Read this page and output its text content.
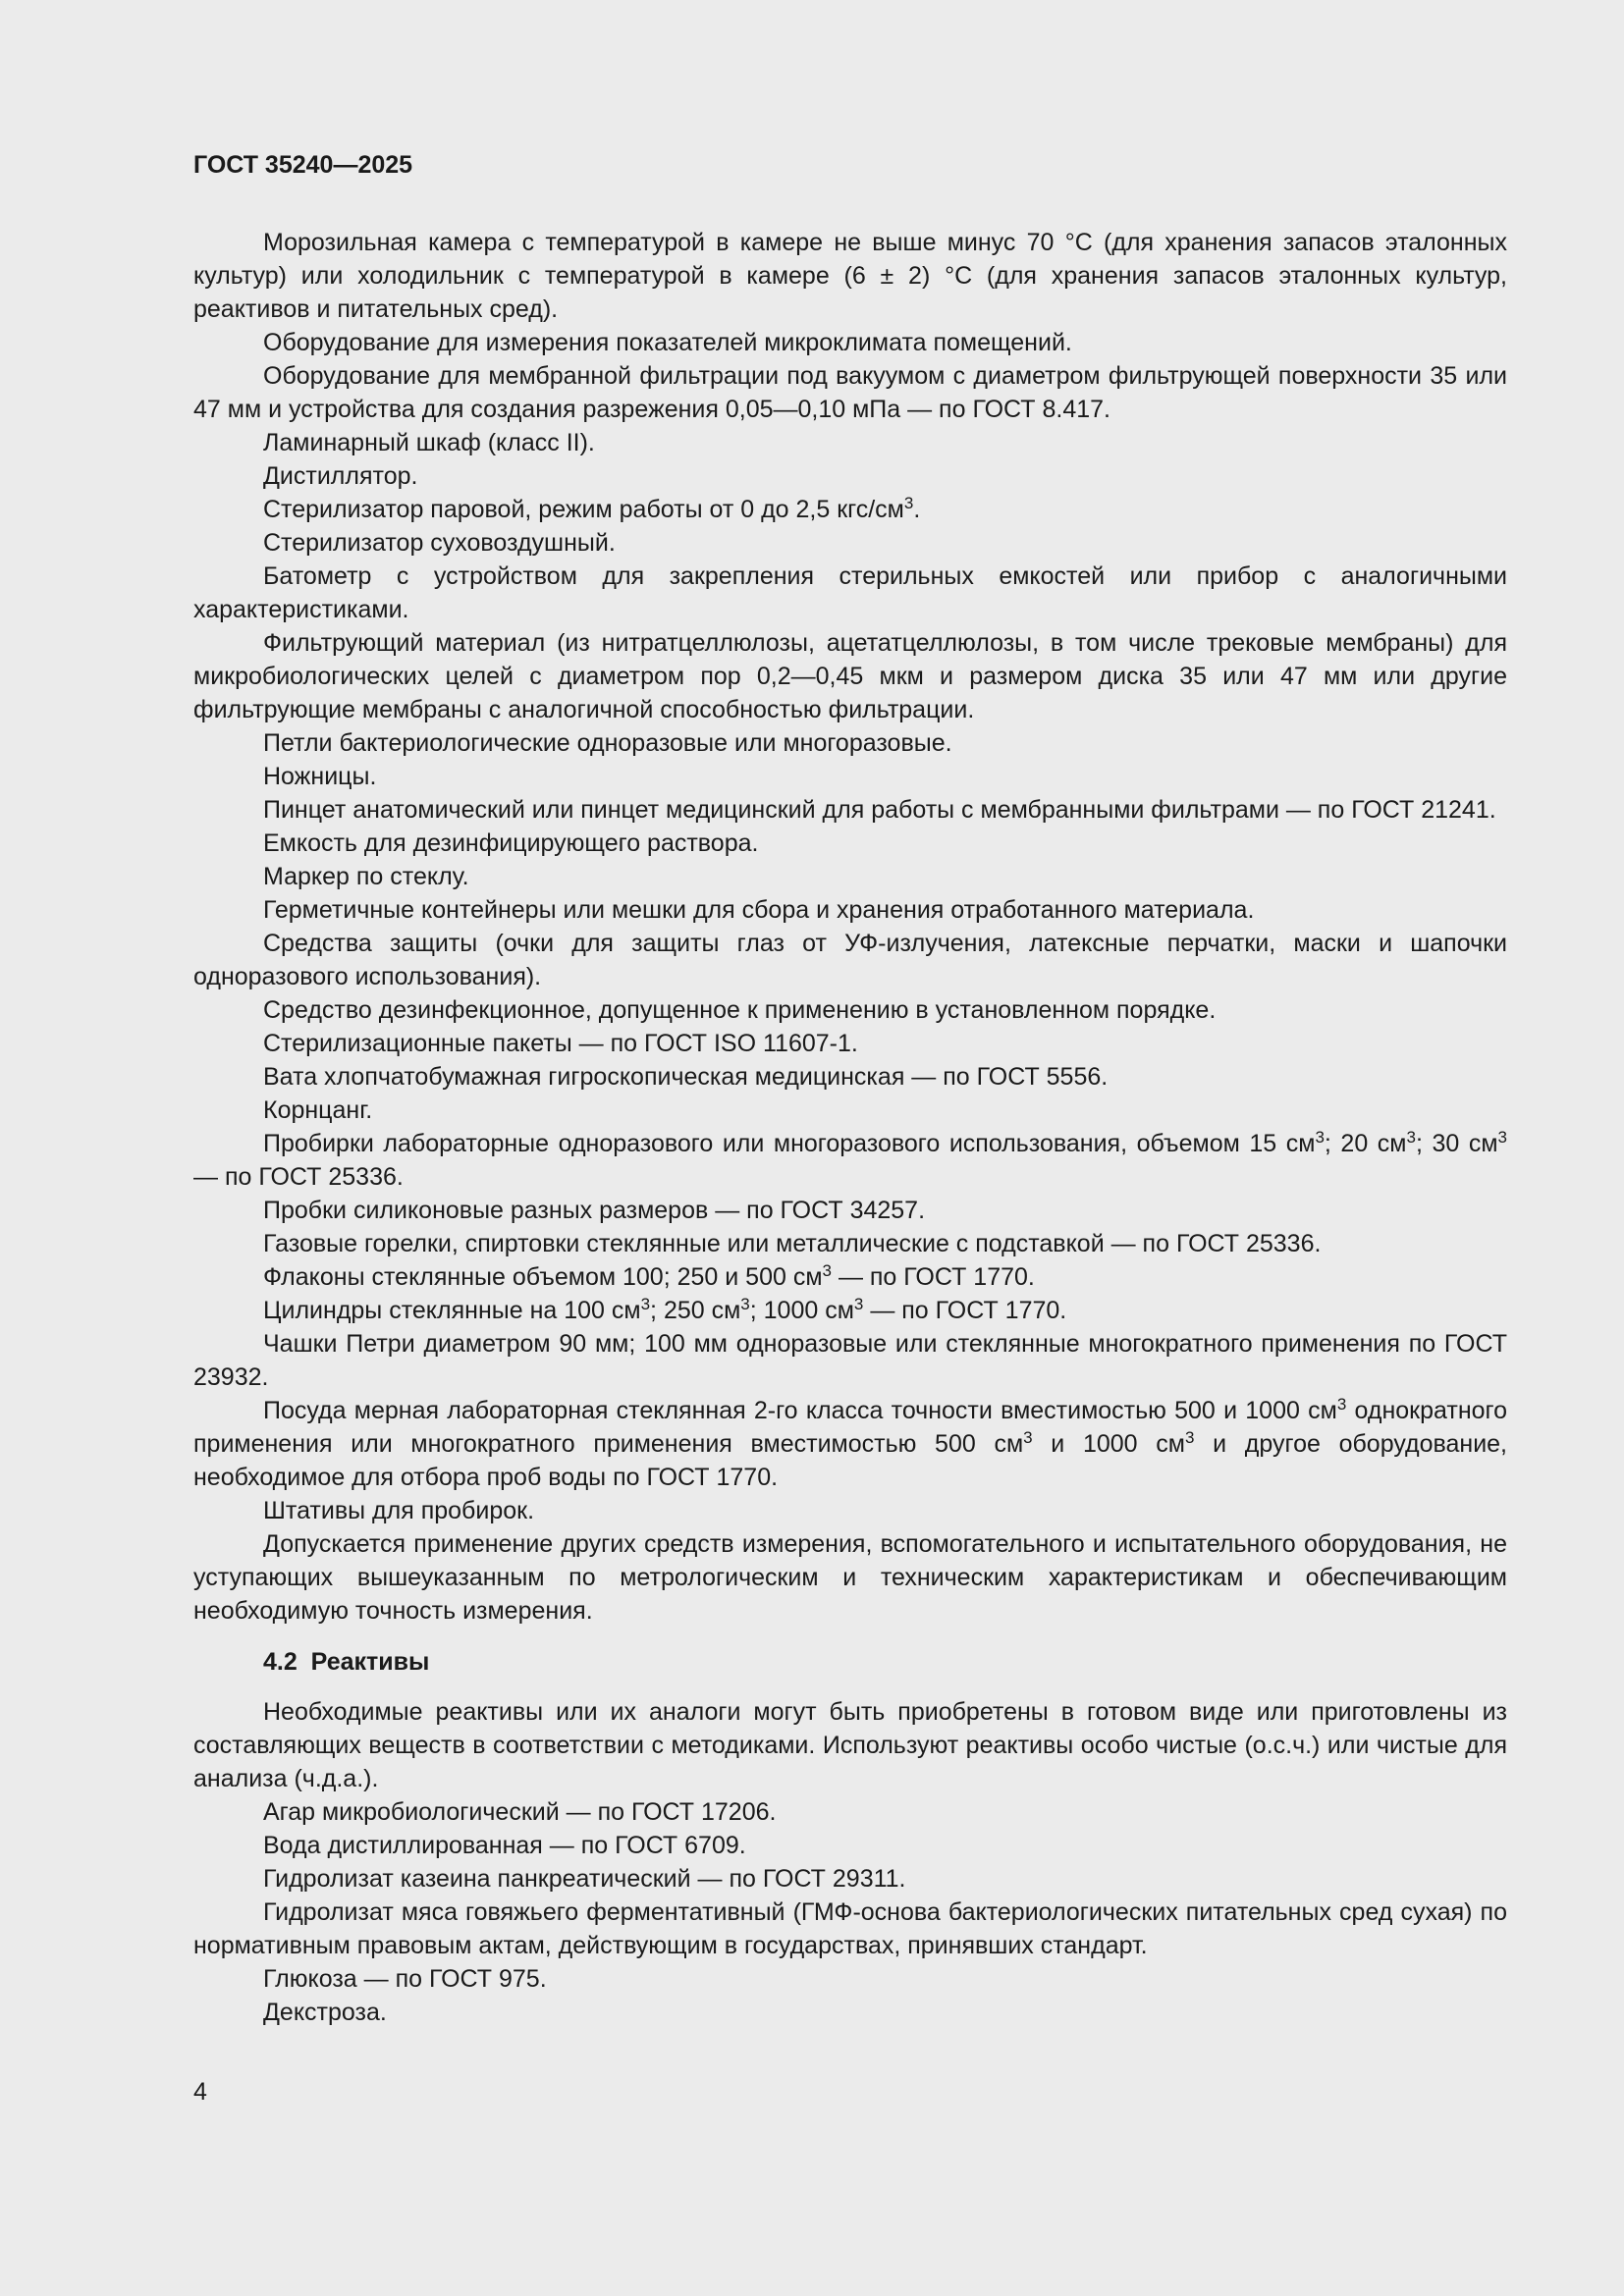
ГОСТ 35240—2025

Морозильная камера с температурой в камере не выше минус 70 °С (для хранения запасов эталонных культур) или холодильник с температурой в камере (6 ± 2) °С (для хранения запасов эталонных культур, реактивов и питательных сред).

Оборудование для измерения показателей микроклимата помещений.

Оборудование для мембранной фильтрации под вакуумом с диаметром фильтрующей поверхности 35 или 47 мм и устройства для создания разрежения 0,05—0,10 мПа — по ГОСТ 8.417.

Ламинарный шкаф (класс II).

Дистиллятор.

Стерилизатор паровой, режим работы от 0 до 2,5 кгс/$см^3$.

Стерилизатор суховоздушный.

Батометр с устройством для закрепления стерильных емкостей или прибор с аналогичными характеристиками.

Фильтрующий материал (из нитратцеллюлозы, ацетатцеллюлозы, в том числе трековые мембраны) для микробиологических целей с диаметром пор 0,2—0,45 мкм и размером диска 35 или 47 мм или другие фильтрующие мембраны с аналогичной способностью фильтрации.

Петли бактериологические одноразовые или многоразовые.

Ножницы.

Пинцет анатомический или пинцет медицинский для работы с мембранными фильтрами — по ГОСТ 21241.

Емкость для дезинфицирующего раствора.

Маркер по стеклу.

Герметичные контейнеры или мешки для сбора и хранения отработанного материала.

Средства защиты (очки для защиты глаз от УФ-излучения, латексные перчатки, маски и шапочки одноразового использования).

Средство дезинфекционное, допущенное к применению в установленном порядке.

Стерилизационные пакеты — по ГОСТ ISO 11607-1.

Вата хлопчатобумажная гигроскопическая медицинская — по ГОСТ 5556.

Корнцанг.

Пробирки лабораторные одноразового или многоразового использования, объемом 15 $см^3$; 20 $см^3$; 30 $см^3$ — по ГОСТ 25336.

Пробки силиконовые разных размеров — по ГОСТ 34257.

Газовые горелки, спиртовки стеклянные или металлические с подставкой — по ГОСТ 25336.

Флаконы стеклянные объемом 100; 250 и 500 $см^3$ — по ГОСТ 1770.

Цилиндры стеклянные на 100 $см^3$; 250 $см^3$; 1000 $см^3$ — по ГОСТ 1770.

Чашки Петри диаметром 90 мм; 100 мм одноразовые или стеклянные многократного применения по ГОСТ 23932.

Посуда мерная лабораторная стеклянная 2-го класса точности вместимостью 500 и 1000 $см^3$ однократного применения или многократного применения вместимостью 500 $см^3$ и 1000 $см^3$ и другое оборудование, необходимое для отбора проб воды по ГОСТ 1770.

Штативы для пробирок.

Допускается применение других средств измерения, вспомогательного и испытательного оборудования, не уступающих вышеуказанным по метрологическим и техническим характеристикам и обеспечивающим необходимую точность измерения.

4.2 Реактивы

Необходимые реактивы или их аналоги могут быть приобретены в готовом виде или приготовлены из составляющих веществ в соответствии с методиками. Используют реактивы особо чистые (о.с.ч.) или чистые для анализа (ч.д.а.).

Агар микробиологический — по ГОСТ 17206.

Вода дистиллированная — по ГОСТ 6709.

Гидролизат казеина панкреатический — по ГОСТ 29311.

Гидролизат мяса говяжьего ферментативный (ГМФ-основа бактериологических питательных сред сухая) по нормативным правовым актам, действующим в государствах, принявших стандарт.

Глюкоза — по ГОСТ 975.

Декстроза.

4
